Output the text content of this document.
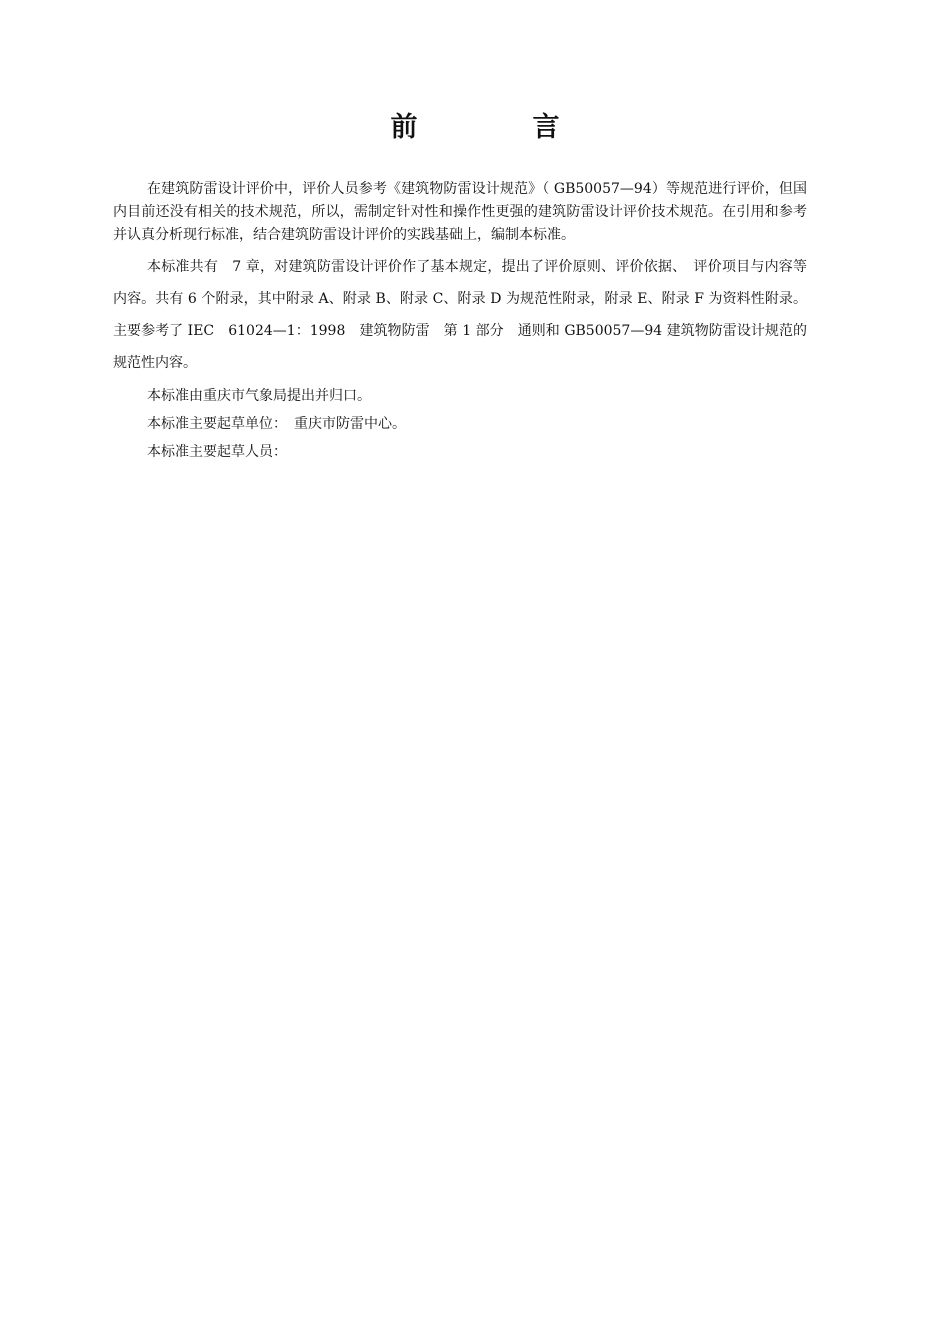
前　言

在建筑防雷设计评价中，评价人员参考《建筑物防雷设计规范》（ GB50057—94）等规范进行评价，但国内目前还没有相关的技术规范，所以，需制定针对性和操作性更强的建筑防雷设计评价技术规范。在引用和参考并认真分析现行标准，结合建筑防雷设计评价的实践基础上，编制本标准。

本标准共有　7 章，对建筑防雷设计评价作了基本规定，提出了评价原则、评价依据、　评价项目与内容等内容。共有 6 个附录，其中附录 A、附录 B、附录 C、附录 D 为规范性附录，附录 E、附录 F 为资料性附录。主要参考了 IEC　61024—1：1998　建筑物防雷　第 1 部分　通则和 GB50057—94 建筑物防雷设计规范的规范性内容。

本标准由重庆市气象局提出并归口。

本标准主要起草单位：　重庆市防雷中心。

本标准主要起草人员：
